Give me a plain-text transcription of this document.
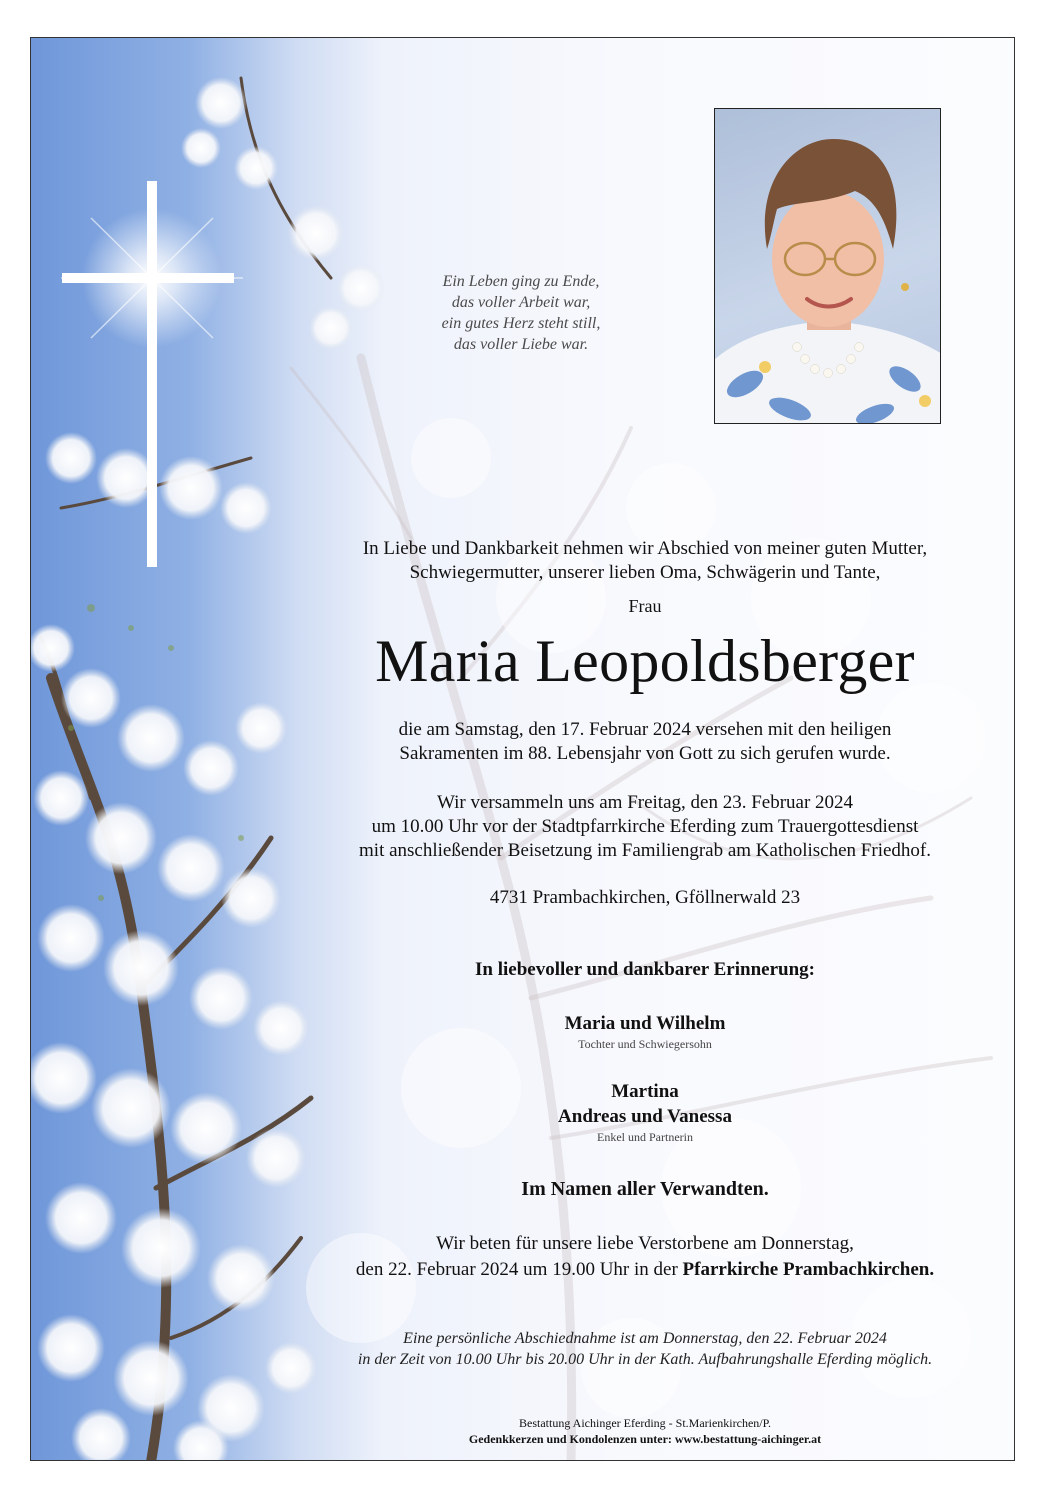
Ein Leben ging zu Ende,
das voller Arbeit war,
ein gutes Herz steht still,
das voller Liebe war.
In Liebe und Dankbarkeit nehmen wir Abschied von meiner guten Mutter,
Schwiegermutter, unserer lieben Oma, Schwägerin und Tante,
Frau
Maria Leopoldsberger
die am Samstag, den 17. Februar 2024 versehen mit den heiligen
Sakramenten im 88. Lebensjahr von Gott zu sich gerufen wurde.
Wir versammeln uns am Freitag, den 23. Februar 2024
um 10.00 Uhr vor der Stadtpfarrkirche Eferding zum Trauergottesdienst
mit anschließender Beisetzung im Familiengrab am Katholischen Friedhof.
4731 Prambachkirchen, Gföllnerwald 23
In liebevoller und dankbarer Erinnerung:
Maria und Wilhelm
Tochter und Schwiegersohn
Martina
Andreas und Vanessa
Enkel und Partnerin
Im Namen aller Verwandten.
Wir beten für unsere liebe Verstorbene am Donnerstag,
den 22. Februar 2024 um 19.00 Uhr in der Pfarrkirche Prambachkirchen.
Eine persönliche Abschiednahme ist am Donnerstag, den 22. Februar 2024
in der Zeit von 10.00 Uhr bis 20.00 Uhr in der Kath. Aufbahrungshalle Eferding möglich.
Bestattung Aichinger Eferding - St.Marienkirchen/P.
Gedenkkerzen und Kondolenzen unter: www.bestattung-aichinger.at
